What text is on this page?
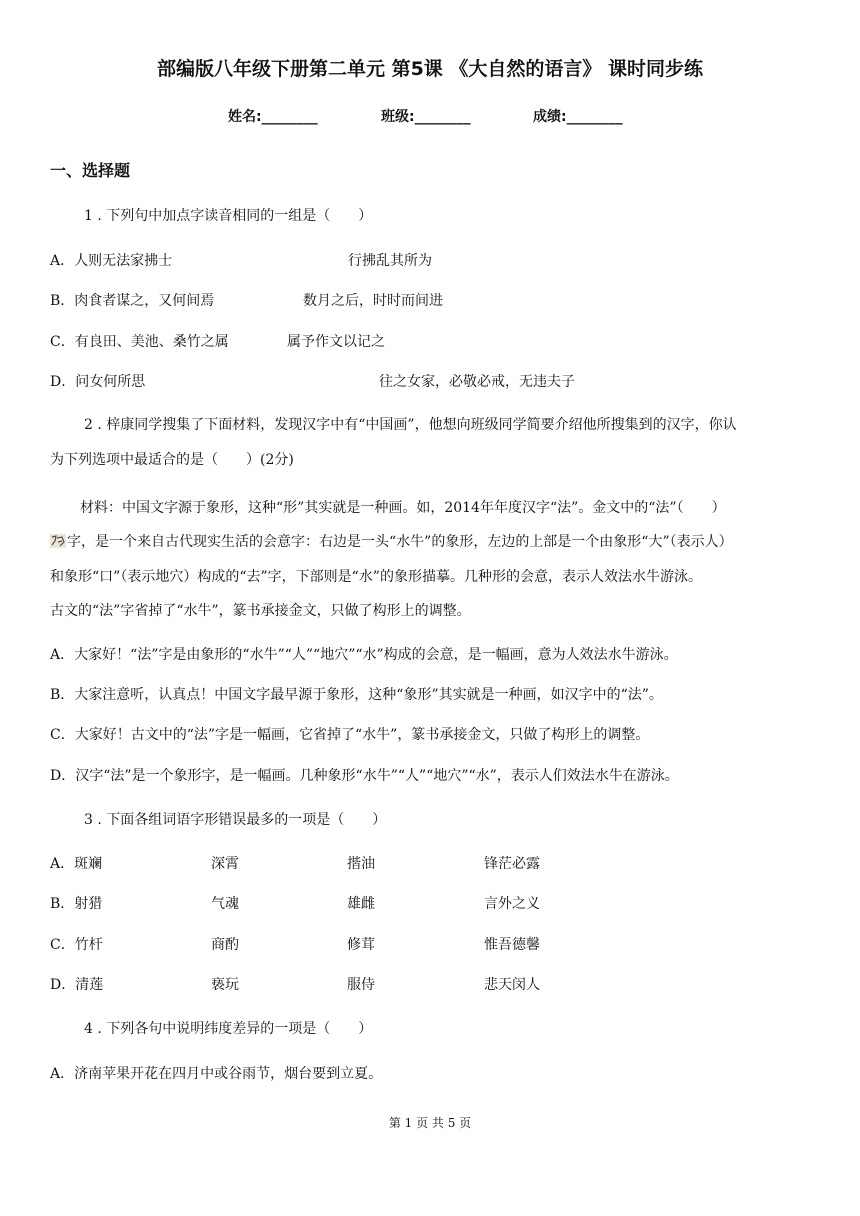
部编版八年级下册第二单元 第5课 《大自然的语言》 课时同步练
姓名:________	班级:________	成绩:________
一、选择题
1 . 下列句中加点字读音相同的一组是（　　）
A．人则无法家拂士	行拂乱其所为
B．肉食者谋之，又何间焉	数月之后，时时而间进
C．有良田、美池、桑竹之属	属予作文以记之
D．问女何所思	往之女家，必敬必戒，无违夫子
2 . 梓康同学搜集了下面材料，发现汉字中有“中国画”，他想向班级同学简要介绍他所搜集到的汉字，你认
为下列选项中最适合的是（　　）(2分)
材料：中国文字源于象形，这种“形”其实就是一种画。如，2014年年度汉字“法”。金文中的“法”（　　）
字，是一个来自古代现实生活的会意字：右边是一头“水牛”的象形，左边的上部是一个由象形“大”（表示人）
和象形“口”（表示地穴）构成的“去”字，下部则是“水”的象形描摹。几种形的会意，表示人效法水牛游泳。
古文的“法”字省掉了“水牛”，篆书承接金文，只做了构形上的调整。
A．大家好！“法”字是由象形的“水牛”“人”“地穴”“水”构成的会意，是一幅画，意为人效法水牛游泳。
B．大家注意听，认真点！中国文字最早源于象形，这种“象形”其实就是一种画，如汉字中的“法”。
C．大家好！古文中的“法”字是一幅画，它省掉了“水牛”，篆书承接金文，只做了构形上的调整。
D．汉字“法”是一个象形字，是一幅画。几种象形“水牛”“人”“地穴”“水”，表示人们效法水牛在游泳。
3 . 下面各组词语字形错误最多的一项是（　　）
A．斑斓	深霄	揩油	锋茫必露
B．射猎	气魂	雄雌	言外之义
C．竹杆	商酌	修茸	惟吾德馨
D．清莲	亵玩	服侍	悲天闵人
4 . 下列各句中说明纬度差异的一项是（　　）
A．济南苹果开花在四月中或谷雨节，烟台要到立夏。
第 1 页 共 5 页
